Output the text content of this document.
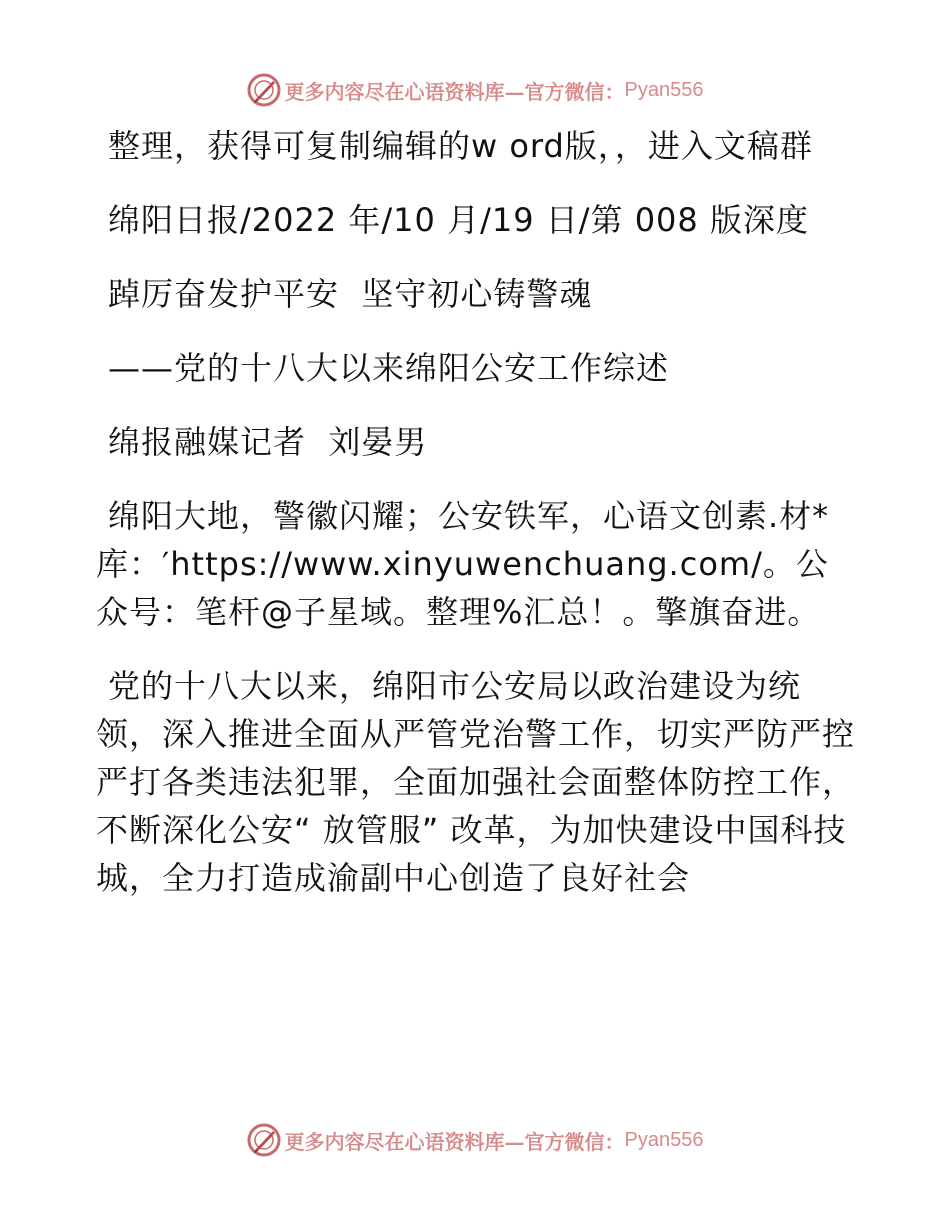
更多内容尽在心语资料库—官方微信： Pyan556

整理，获得可复制编辑的w ord版，，进入文稿群

绵阳日报/2022 年/10 月/19 日/第 008 版深度

踔厉奋发护平安  坚守初心铸警魂

——党的十八大以来绵阳公安工作综述

绵报融媒记者  刘晏男

绵阳大地，警徽闪耀；公安铁军，心语文创素.材*库：′https://www.xinyuwenchuang.com/。公众号：笔杆@子星域。整理%汇总！。擎旗奋进。

党的十八大以来，绵阳市公安局以政治建设为统领，深入推进全面从严管党治警工作，切实严防严控严打各类违法犯罪，全面加强社会面整体防控工作，不断深化公安“ 放管服” 改革，为加快建设中国科技城，全力打造成渝副中心创造了良好社会

更多内容尽在心语资料库—官方微信： Pyan556
